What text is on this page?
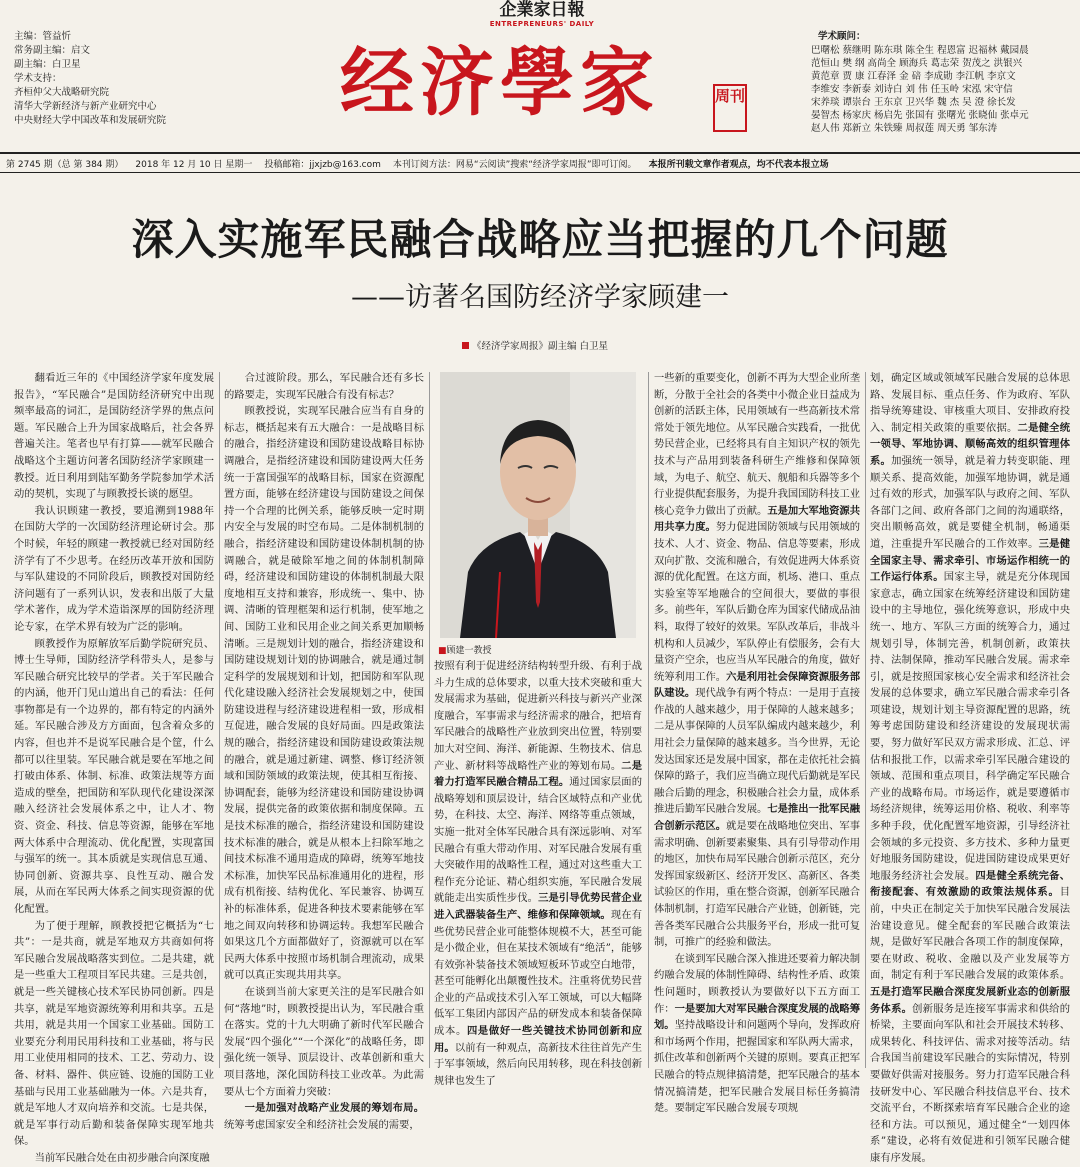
企業家日報
ENTREPRENEURS' DAILY
主编：管益忻
常务副主编：启文
副主编：白卫星
学术支持：
齐桓仲父大战略研究院
清华大学新经济与新产业研究中心
中央财经大学中国改革和发展研究院	经济學家	周刊
学术顾问：
巴曙松 蔡继明 陈东琪 陈全生 程恩富 迟福林 戴园晨
范恒山 樊 纲 高尚全 顾海兵 葛志荣 贺茂之 洪银兴
黄范章 贾 康 江春泽 金 碚 李成勋 李江帆 李京文
李维安 李新泰 刘诗白 刘 伟 任玉岭 宋泓 宋守信
宋养琰 谭崇台 王东京 卫兴华 魏 杰 吴 澄 徐长发
晏智杰 杨家庆 杨启先 张国有 张曙光 张晓仙 张卓元
赵人伟 郑新立 朱铁臻 周叔莲 周天勇 邹东涛
第 2745 期（总 第 384 期）	2018 年 12 月 10 日 星期一	投稿邮箱：jjxjzb@163.com	本刊订阅方法：网易“云阅读”搜索“经济学家周报”即可订阅。	本报所刊载文章作者观点，均不代表本报立场
深入实施军民融合战略应当把握的几个问题
——访著名国防经济学家顾建一
《经济学家周报》副主编 白卫星

翻看近三年的《中国经济学家年度发展报告》，“军民融合”是国防经济研究中出现频率最高的词汇，是国防经济学界的焦点问题。军民融合上升为国家战略后，社会各界普遍关注。笔者也早有打算——就军民融合战略这个主题访问著名国防经济学家顾建一教授。近日利用到陆军勤务学院参加学术活动的契机，实现了与顾教授长谈的愿望。

我认识顾建一教授，要追溯到1988年在国防大学的一次国防经济理论研讨会。那个时候，年轻的顾建一教授就已经对国防经济学有了不少思考。在经历改革开放和国防与军队建设的不同阶段后，顾教授对国防经济问题有了一系列认识，发表和出版了大量学术著作，成为学术造诣深厚的国防经济理论专家，在学术界有较为广泛的影响。

顾教授作为原解放军后勤学院研究员、博士生导师，国防经济学科带头人，是参与军民融合研究比较早的学者。关于军民融合的内涵，他开门见山道出自己的看法：任何事物都是有一个边界的，都有特定的内涵外延。军民融合涉及方方面面，包含着众多的内容，但也并不是说军民融合是个筐，什么都可以往里装。军民融合就是要在军地之间打破由体系、体制、标准、政策法规等方面造成的壁垒，把国防和军队现代化建设深深融入经济社会发展体系之中，让人才、物资、资金、科技、信息等资源，能够在军地两大体系中合理流动、优化配置，实现富国与强军的统一。其本质就是实现信息互通、协同创新、资源共享、良性互动、融合发展，从而在军民两大体系之间实现资源的优化配置。

为了便于理解，顾教授把它概括为“七共”：一是共商，就是军地双方共商如何将军民融合发展战略落实到位。二是共建，就是一些重大工程项目军民共建。三是共创，就是一些关键核心技术军民协同创新。四是共享，就是军地资源统筹利用和共享。五是共用，就是共用一个国家工业基础。国防工业要充分利用民用科技和工业基础，将与民用工业使用相同的技术、工艺、劳动力、设备、材料、器件、供应链、设施的国防工业基础与民用工业基础融为一体。六是共育，就是军地人才双向培养和交流。七是共保，就是军事行动后勤和装备保障实现军地共保。

当前军民融合处在由初步融合向深度融

合过渡阶段。那么，军民融合还有多长的路要走，实现军民融合有没有标志？

顾教授说，实现军民融合应当有自身的标志，概括起来有五大融合：一是战略目标的融合，指经济建设和国防建设战略目标协调融合，是指经济建设和国防建设两大任务统一于富国强军的战略目标，国家在资源配置方面，能够在经济建设与国防建设之间保持一个合理的比例关系，能够反映一定时期内安全与发展的时空布局。二是体制机制的融合，指经济建设和国防建设体制机制的协调融合，就是破除军地之间的体制机制障碍，经济建设和国防建设的体制机制最大限度地相互支持和兼容，形成统一、集中、协调、清晰的管理框架和运行机制，使军地之间、国防工业和民用企业之间关系更加顺畅清晰。三是规划计划的融合，指经济建设和国防建设规划计划的协调融合，就是通过制定科学的发展规划和计划，把国防和军队现代化建设融入经济社会发展规划之中，使国防建设进程与经济建设进程相一致，形成相互促进，融合发展的良好局面。四是政策法规的融合，指经济建设和国防建设政策法规的融合，就是通过新建、调整、修订经济领域和国防领域的政策法规，使其相互衔接、协调配套，能够为经济建设和国防建设协调发展，提供完备的政策依据和制度保障。五是技术标准的融合，指经济建设和国防建设技术标准的融合，就是从根本上扫除军地之间技术标准不通用造成的障碍，统筹军地技术标准，加快军民品标准通用化的进程，形成有机衔接、结构优化、军民兼容、协调互补的标准体系，促进各种技术要素能够在军地之间双向转移和协调运转。我想军民融合如果这几个方面都做好了，资源就可以在军民两大体系中按照市场机制合理流动，成果就可以真正实现共用共享。

在谈到当前大家更关注的是军民融合如何“落地”时，顾教授提出认为，军民融合重在落实。党的十九大明确了新时代军民融合发展“四个强化”“一个深化”的战略任务，即强化统一领导、顶层设计、改革创新和重大项目落地，深化国防科技工业改革。为此需要从七个方面着力突破：

一是加强对战略产业发展的筹划布局。统筹考虑国家安全和经济社会发展的需要，

■顾建一教授

按照有利于促进经济结构转型升级、有利于战斗力生成的总体要求，以重大技术突破和重大发展需求为基础，促进新兴科技与新兴产业深度融合，军事需求与经济需求的融合，把培育军民融合的战略性产业放到突出位置，特别要加大对空间、海洋、新能源、生物技术、信息产业、新材料等战略性产业的筹划布局。二是着力打造军民融合精品工程。通过国家层面的战略筹划和顶层设计，结合区域特点和产业优势，在科技、太空、海洋、网络等重点领域，实施一批对全体军民融合具有深远影响、对军民融合有重大带动作用、对军民融合发展有重大突破作用的战略性工程，通过对这些重大工程作充分论证、精心组织实施，军民融合发展就能走出实质性步伐。三是引导优势民营企业进入武器装备生产、维修和保障领域。现在有些优势民营企业可能整体规模不大，甚至可能是小微企业，但在某技术领域有“绝活”，能够有效弥补装备技术领域短板环节或空白地带，甚至可能孵化出颠覆性技术。注重将优势民营企业的产品或技术引入军工领域，可以大幅降低军工集团内部因产品的研发成本和装备保障成本。四是做好一些关键技术协同创新和应用。以前有一种观点，高新技术往往首先产生于军事领域，然后向民用转移，现在科技创新规律也发生了

一些新的重要变化，创新不再为大型企业所垄断，分散于全社会的各类中小微企业日益成为创新的活跃主体，民用领域有一些高新技术常常处于领先地位。从军民融合实践看，一批优势民营企业，已经将具有自主知识产权的领先技术与产品用到装备科研生产维修和保障领域，为电子、航空、航天、舰船和兵器等多个行业提供配套服务，为提升我国国防科技工业核心竞争力做出了贡献。五是加大军地资源共用共享力度。努力促进国防领域与民用领域的技术、人才、资金、物品、信息等要素，形成双向扩散、交流和融合，有效促进两大体系资源的优化配置。在这方面，机场、港口、重点实验室等军地融合的空间很大，要做的事很多。前些年，军队后勤仓库为国家代储成品油料，取得了较好的效果。军队改革后，非战斗机构和人员减少，军队停止有偿服务，会有大量资产空余，也应当从军民融合的角度，做好统筹利用工作。六是利用社会保障资源服务部队建设。现代战争有两个特点：一是用于直接作战的人越来越少，用于保障的人越来越多；二是从事保障的人员军队编成内越来越少，利用社会力量保障的越来越多。当今世界，无论发达国家还是发展中国家，都在走依托社会搞保障的路子，我们应当确立现代后勤就是军民融合后勤的理念，积极融合社会力量，成体系推进后勤军民融合发展。七是推出一批军民融合创新示范区。就是要在战略地位突出、军事需求明确、创新要素聚集、具有引导带动作用的地区，加快布局军民融合创新示范区，充分发挥国家级新区、经济开发区、高新区、各类试验区的作用，重在整合资源，创新军民融合体制机制，打造军民融合产业链，创新链，完善各类军民融合公共服务平台，形成一批可复制，可推广的经验和做法。

在谈到军民融合深入推进还要着力解决制约融合发展的体制性障碍、结构性矛盾、政策性问题时，顾教授认为要做好以下五方面工作：一是要加大对军民融合深度发展的战略筹划。坚持战略设计和问题两个导向，发挥政府和市场两个作用，把握国家和军队两大需求，抓住改革和创新两个关键的原则。要真正把军民融合的特点规律搞清楚，把军民融合的基本情况搞清楚，把军民融合发展目标任务搞清楚。要制定军民融合发展专项规

划，确定区域或领域军民融合发展的总体思路、发展目标、重点任务、作为政府、军队指导统筹建设、审核重大项目、安排政府投入、制定相关政策的重要依据。二是健全统一领导、军地协调、顺畅高效的组织管理体系。加强统一领导，就是着力转变职能、理顺关系、提高效能，加强军地协调，就是通过有效的形式，加强军队与政府之间、军队各部门之间、政府各部门之间的沟通联络，突出顺畅高效，就是要健全机制，畅通渠道，注重提升军民融合的工作效率。三是健全国家主导、需求牵引、市场运作相统一的工作运行体系。国家主导，就是充分体现国家意志，确立国家在统筹经济建设和国防建设中的主导地位，强化统筹意识，形成中央统一、地方、军队三方面的统筹合力，通过规划引导，体制完善，机制创新，政策扶持、法制保障，推动军民融合发展。需求牵引，就是按照国家核心安全需求和经济社会发展的总体要求，确立军民融合需求牵引各项建设，规划计划主导资源配置的思路，统筹考虑国防建设和经济建设的发展现状需要，努力做好军民双方需求形成、汇总、评估和报批工作，以需求牵引军民融合建设的领域、范围和重点项目，科学确定军民融合产业的战略布局。市场运作，就是要遵循市场经济规律，统筹运用价格、税收、利率等多种手段，优化配置军地资源，引导经济社会领域的多元投资、多方技术、多种力量更好地服务国防建设，促进国防建设成果更好地服务经济社会发展。四是健全系统完备、衔接配套、有效激励的政策法规体系。目前，中央正在制定关于加快军民融合发展法治建设意见。健全配套的军民融合政策法规，是做好军民融合各项工作的制度保障，要在财政、税收、金融以及产业发展等方面，制定有利于军民融合发展的政策体系。五是打造军民融合深度发展新业态的创新服务体系。创新服务是连接军事需求和供给的桥梁，主要面向军队和社会开展技术转移、成果转化、科技评估、需求对接等活动。结合我国当前建设军民融合的实际情况，特别要做好供需对接服务。努力打造军民融合科技研发中心、军民融合科技信息平台、技术交流平台，不断探索培育军民融合企业的途径和方法。可以预见，通过健全“一划四体系”建设，必将有效促进和引领军民融合健康有序发展。
